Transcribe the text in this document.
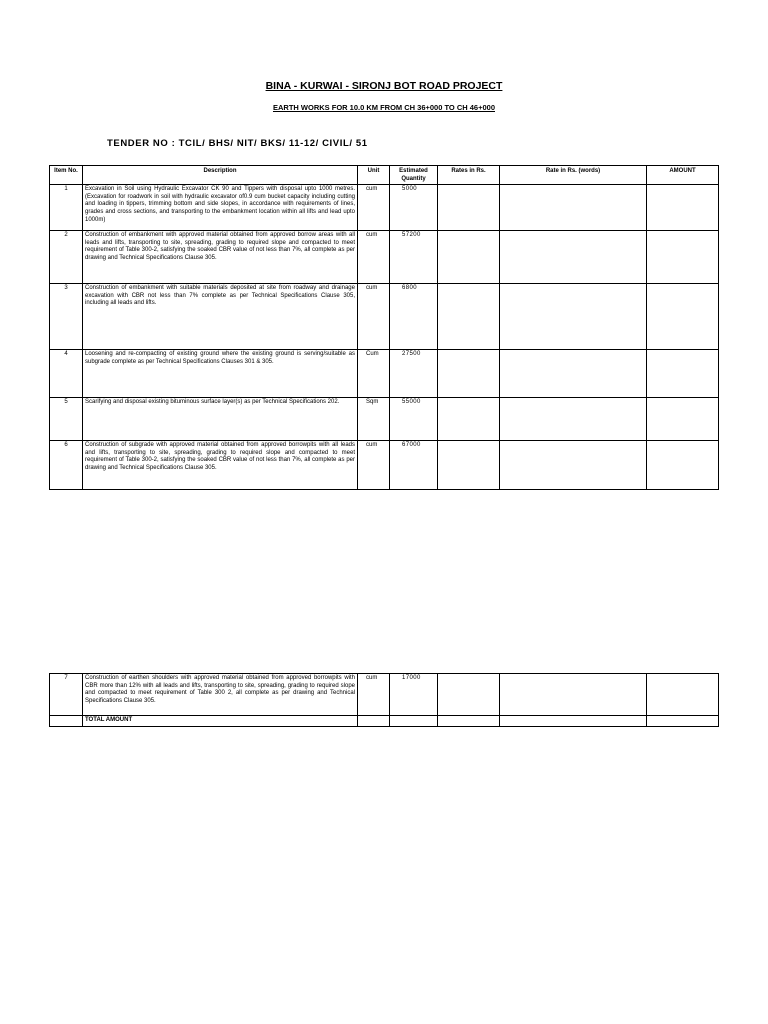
BINA - KURWAI - SIRONJ BOT ROAD PROJECT
EARTH WORKS FOR 10.0 KM FROM CH 36+000 TO CH 46+000
TENDER NO : TCIL/ BHS/ NIT/ BKS/ 11-12/ CIVIL/ 51
Item No.	Description	Unit	Estimated Quantity	Rates in Rs.	Rate in Rs. (words)	AMOUNT
1	Excavation in Soil using Hydraulic Excavator CK 90 and Tippers with disposal upto 1000 metres. (Excavation for roadwork in soil with hydraulic excavator of0.9 cum bucket capacity including cutting and loading in tippers, trimming bottom and side slopes, in accordance with requirements of lines, grades and cross sections, and transporting to the embankment location within all lifts and lead upto 1000m)	cum	5000			
2	Construction of embankment with approved material obtained from approved borrow areas with all leads and lifts, transporting to site, spreading, grading to required slope and compacted to meet requirement of Table 300-2, satisfying the soaked CBR value of not less than 7%, all complete as per drawing and Technical Specifications Clause 305.	cum	57200			
3	Construction of embankment with suitable materials deposited at site from roadway and drainage excavation with CBR not less than 7% complete as per Technical Specifications Clause 305, including all leads and lifts.	cum	6800			
4	Loosening and re-compacting of existing ground where the existing ground is serving/suitable as subgrade complete as per Technical Specifications Clauses 301 & 305.	Cum	27500			
5	Scarifying and disposal existing bituminous surface layer(s) as per Technical Specifications 202.	Sqm	55000			
6	Construction of subgrade with approved material obtained from approved borrowpits with all leads and lifts, transporting to site, spreading, grading to required slope and compacted to meet requirement of Table 300-2, satisfying the soaked CBR value of not less than 7%, all complete as per drawing and Technical Specifications Clause 305.	cum	67000			
7	Construction of earthen shoulders with approved material obtained from approved borrowpits with CBR more than 12% with all leads and lifts, transporting to site, spreading, grading to required slope and compacted to meet requirement of Table 300 2, all complete as per drawing and Technical Specifications Clause 305.	cum	17000			
	TOTAL AMOUNT					
